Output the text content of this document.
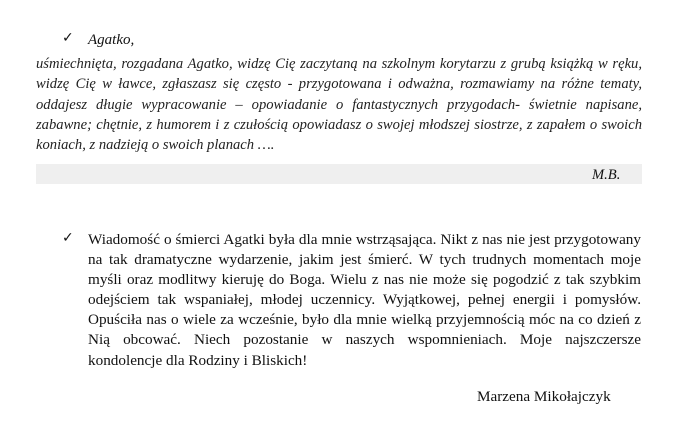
✓ Agatko,
uśmiechnięta, rozgadana Agatko, widzę Cię zaczytaną na szkolnym korytarzu z grubą książką w ręku, widzę Cię w ławce, zgłaszasz się często - przygotowana i odważna, rozmawiamy na różne tematy, oddajesz długie wypracowanie – opowiadanie o fantastycznych przygodach- świetnie napisane, zabawne; chętnie, z humorem i z czułością opowiadasz o swojej młodszej siostrze, z zapałem o swoich koniach, z nadzieją o swoich planach ….
M.B.
✓ Wiadomość o śmierci Agatki była dla mnie wstrząsająca. Nikt z nas nie jest przygotowany na tak dramatyczne wydarzenie, jakim jest śmierć. W tych trudnych momentach moje myśli oraz modlitwy kieruję do Boga. Wielu z nas nie może się pogodzić z tak szybkim odejściem tak wspaniałej, młodej uczennicy. Wyjątkowej, pełnej energii i pomysłów. Opuściła nas o wiele za wcześnie, było dla mnie wielką przyjemnością móc na co dzień z Nią obcować. Niech pozostanie w naszych wspomnieniach. Moje najszczersze kondolencje dla Rodziny i Bliskich!
Marzena Mikołajczyk
